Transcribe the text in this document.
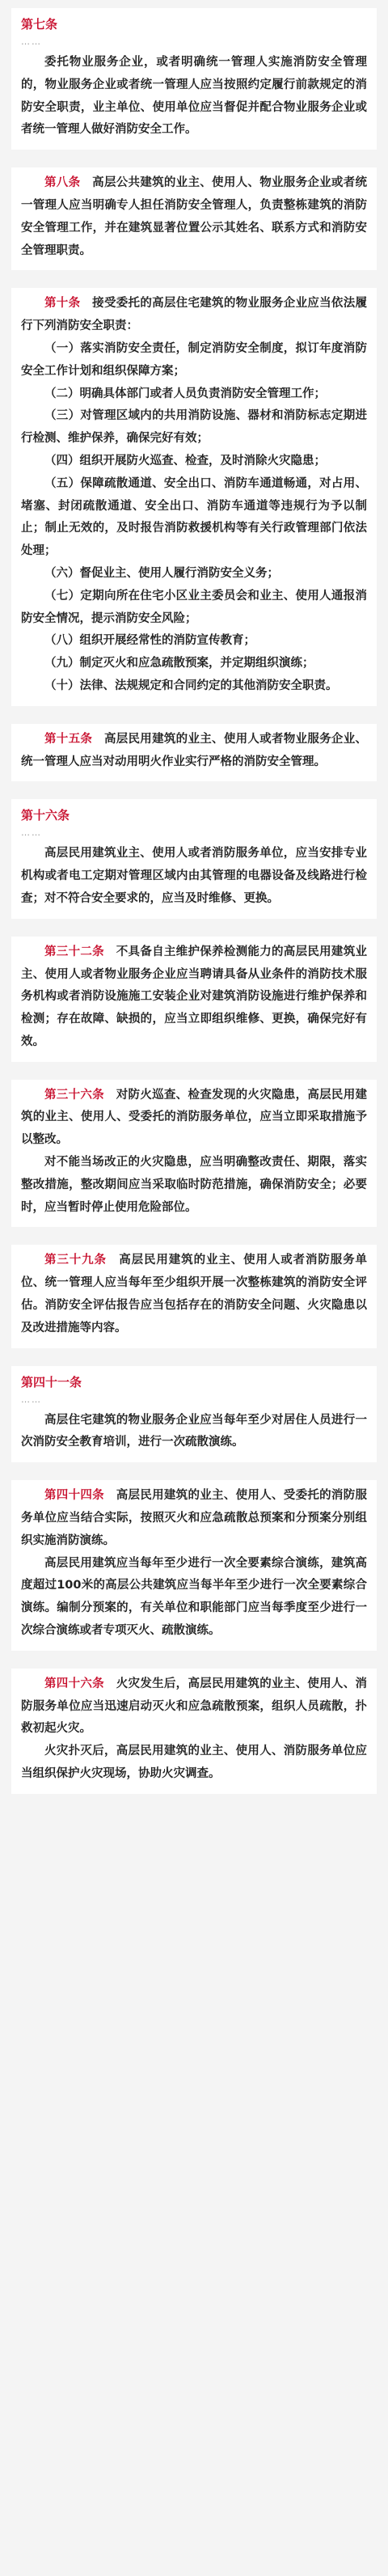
第七条

……

委托物业服务企业，或者明确统一管理人实施消防安全管理的，物业服务企业或者统一管理人应当按照约定履行前款规定的消防安全职责，业主单位、使用单位应当督促并配合物业服务企业或者统一管理人做好消防安全工作。

第八条　高层公共建筑的业主、使用人、物业服务企业或者统一管理人应当明确专人担任消防安全管理人，负责整栋建筑的消防安全管理工作，并在建筑显著位置公示其姓名、联系方式和消防安全管理职责。

第十条　接受委托的高层住宅建筑的物业服务企业应当依法履行下列消防安全职责：

（一）落实消防安全责任，制定消防安全制度，拟订年度消防安全工作计划和组织保障方案；

（二）明确具体部门或者人员负责消防安全管理工作；

（三）对管理区域内的共用消防设施、器材和消防标志定期进行检测、维护保养，确保完好有效；

（四）组织开展防火巡查、检查，及时消除火灾隐患；

（五）保障疏散通道、安全出口、消防车通道畅通，对占用、堵塞、封闭疏散通道、安全出口、消防车通道等违规行为予以制止；制止无效的，及时报告消防救援机构等有关行政管理部门依法处理；

（六）督促业主、使用人履行消防安全义务；

（七）定期向所在住宅小区业主委员会和业主、使用人通报消防安全情况，提示消防安全风险；

（八）组织开展经常性的消防宣传教育；

（九）制定灭火和应急疏散预案，并定期组织演练；

（十）法律、法规规定和合同约定的其他消防安全职责。

第十五条　高层民用建筑的业主、使用人或者物业服务企业、统一管理人应当对动用明火作业实行严格的消防安全管理。

第十六条

……

高层民用建筑业主、使用人或者消防服务单位，应当安排专业机构或者电工定期对管理区域内由其管理的电器设备及线路进行检查；对不符合安全要求的，应当及时维修、更换。

第三十二条　不具备自主维护保养检测能力的高层民用建筑业主、使用人或者物业服务企业应当聘请具备从业条件的消防技术服务机构或者消防设施施工安装企业对建筑消防设施进行维护保养和检测；存在故障、缺损的，应当立即组织维修、更换，确保完好有效。

第三十六条　对防火巡查、检查发现的火灾隐患，高层民用建筑的业主、使用人、受委托的消防服务单位，应当立即采取措施予以整改。

对不能当场改正的火灾隐患，应当明确整改责任、期限，落实整改措施，整改期间应当采取临时防范措施，确保消防安全；必要时，应当暂时停止使用危险部位。

第三十九条　高层民用建筑的业主、使用人或者消防服务单位、统一管理人应当每年至少组织开展一次整栋建筑的消防安全评估。消防安全评估报告应当包括存在的消防安全问题、火灾隐患以及改进措施等内容。

第四十一条

……

高层住宅建筑的物业服务企业应当每年至少对居住人员进行一次消防安全教育培训，进行一次疏散演练。

第四十四条　高层民用建筑的业主、使用人、受委托的消防服务单位应当结合实际，按照灭火和应急疏散总预案和分预案分别组织实施消防演练。

高层民用建筑应当每年至少进行一次全要素综合演练，建筑高度超过100米的高层公共建筑应当每半年至少进行一次全要素综合演练。编制分预案的，有关单位和职能部门应当每季度至少进行一次综合演练或者专项灭火、疏散演练。

第四十六条　火灾发生后，高层民用建筑的业主、使用人、消防服务单位应当迅速启动灭火和应急疏散预案，组织人员疏散，扑救初起火灾。

火灾扑灭后，高层民用建筑的业主、使用人、消防服务单位应当组织保护火灾现场，协助火灾调查。
